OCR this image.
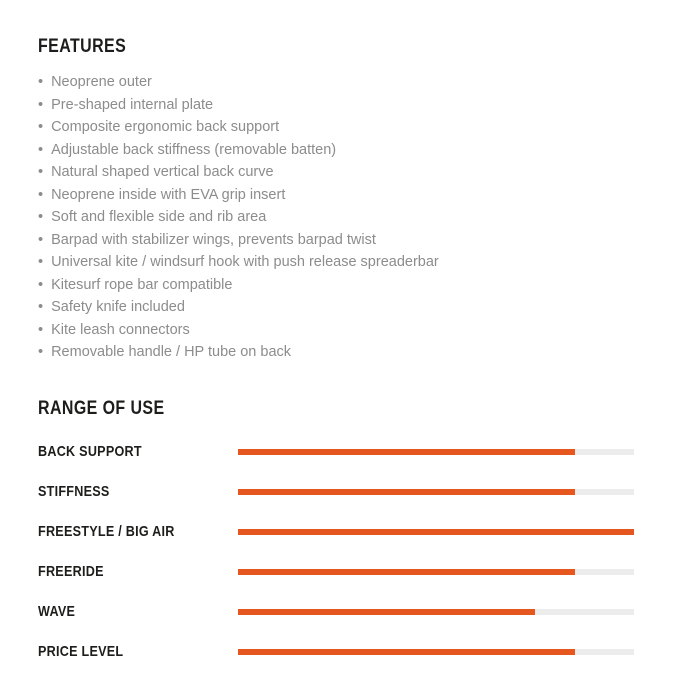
FEATURES
• Neoprene outer
• Pre-shaped internal plate
• Composite ergonomic back support
• Adjustable back stiffness (removable batten)
• Natural shaped vertical back curve
• Neoprene inside with EVA grip insert
• Soft and flexible side and rib area
• Barpad with stabilizer wings, prevents barpad twist
• Universal kite / windsurf hook with push release spreaderbar
• Kitesurf rope bar compatible
• Safety knife included
• Kite leash connectors
• Removable handle / HP tube on back
RANGE OF USE
BACK SUPPORT
STIFFNESS
FREESTYLE / BIG AIR
FREERIDE
WAVE
PRICE LEVEL
